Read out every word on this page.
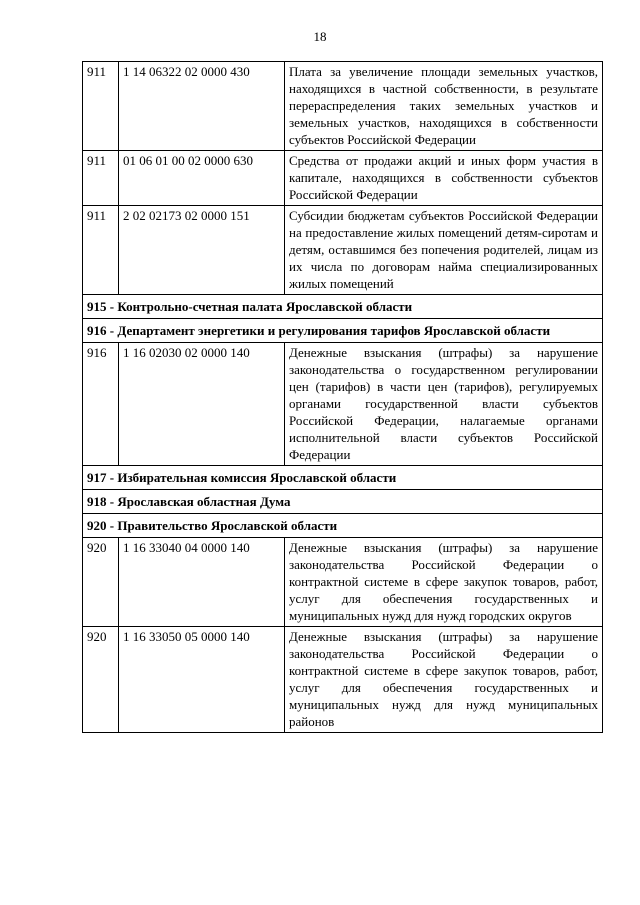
18
911	1 14 06322 02 0000 430	Плата за увеличение площади земельных участков, находящихся в частной собственности, в результате перераспределения таких земельных участков и земельных участков, находящихся в собственности субъектов Российской Федерации
911	01 06 01 00 02 0000 630	Средства от продажи акций и иных форм участия в капитале, находящихся в собственности субъектов Российской Федерации
911	2 02 02173 02 0000 151	Субсидии бюджетам субъектов Российской Федерации на предоставление жилых помещений детям-сиротам и детям, оставшимся без попечения родителей, лицам из их числа по договорам найма специализированных жилых помещений
915 - Контрольно-счетная палата Ярославской области		
916 - Департамент энергетики и регулирования тарифов Ярославской области		
916	1 16 02030 02 0000 140	Денежные взыскания (штрафы) за нарушение законодательства о государственном регулировании цен (тарифов) в части цен (тарифов), регулируемых органами государственной власти субъектов Российской Федерации, налагаемые органами исполнительной власти субъектов Российской Федерации
917 - Избирательная комиссия Ярославской области		
918 - Ярославская областная Дума		
920 - Правительство Ярославской области		
920	1 16 33040 04 0000 140	Денежные взыскания (штрафы) за нарушение законодательства Российской Федерации о контрактной системе в сфере закупок товаров, работ, услуг для обеспечения государственных и муниципальных нужд для нужд городских округов
920	1 16 33050 05 0000 140	Денежные взыскания (штрафы) за нарушение законодательства Российской Федерации о контрактной системе в сфере закупок товаров, работ, услуг для обеспечения государственных и муниципальных нужд для нужд муниципальных районов
